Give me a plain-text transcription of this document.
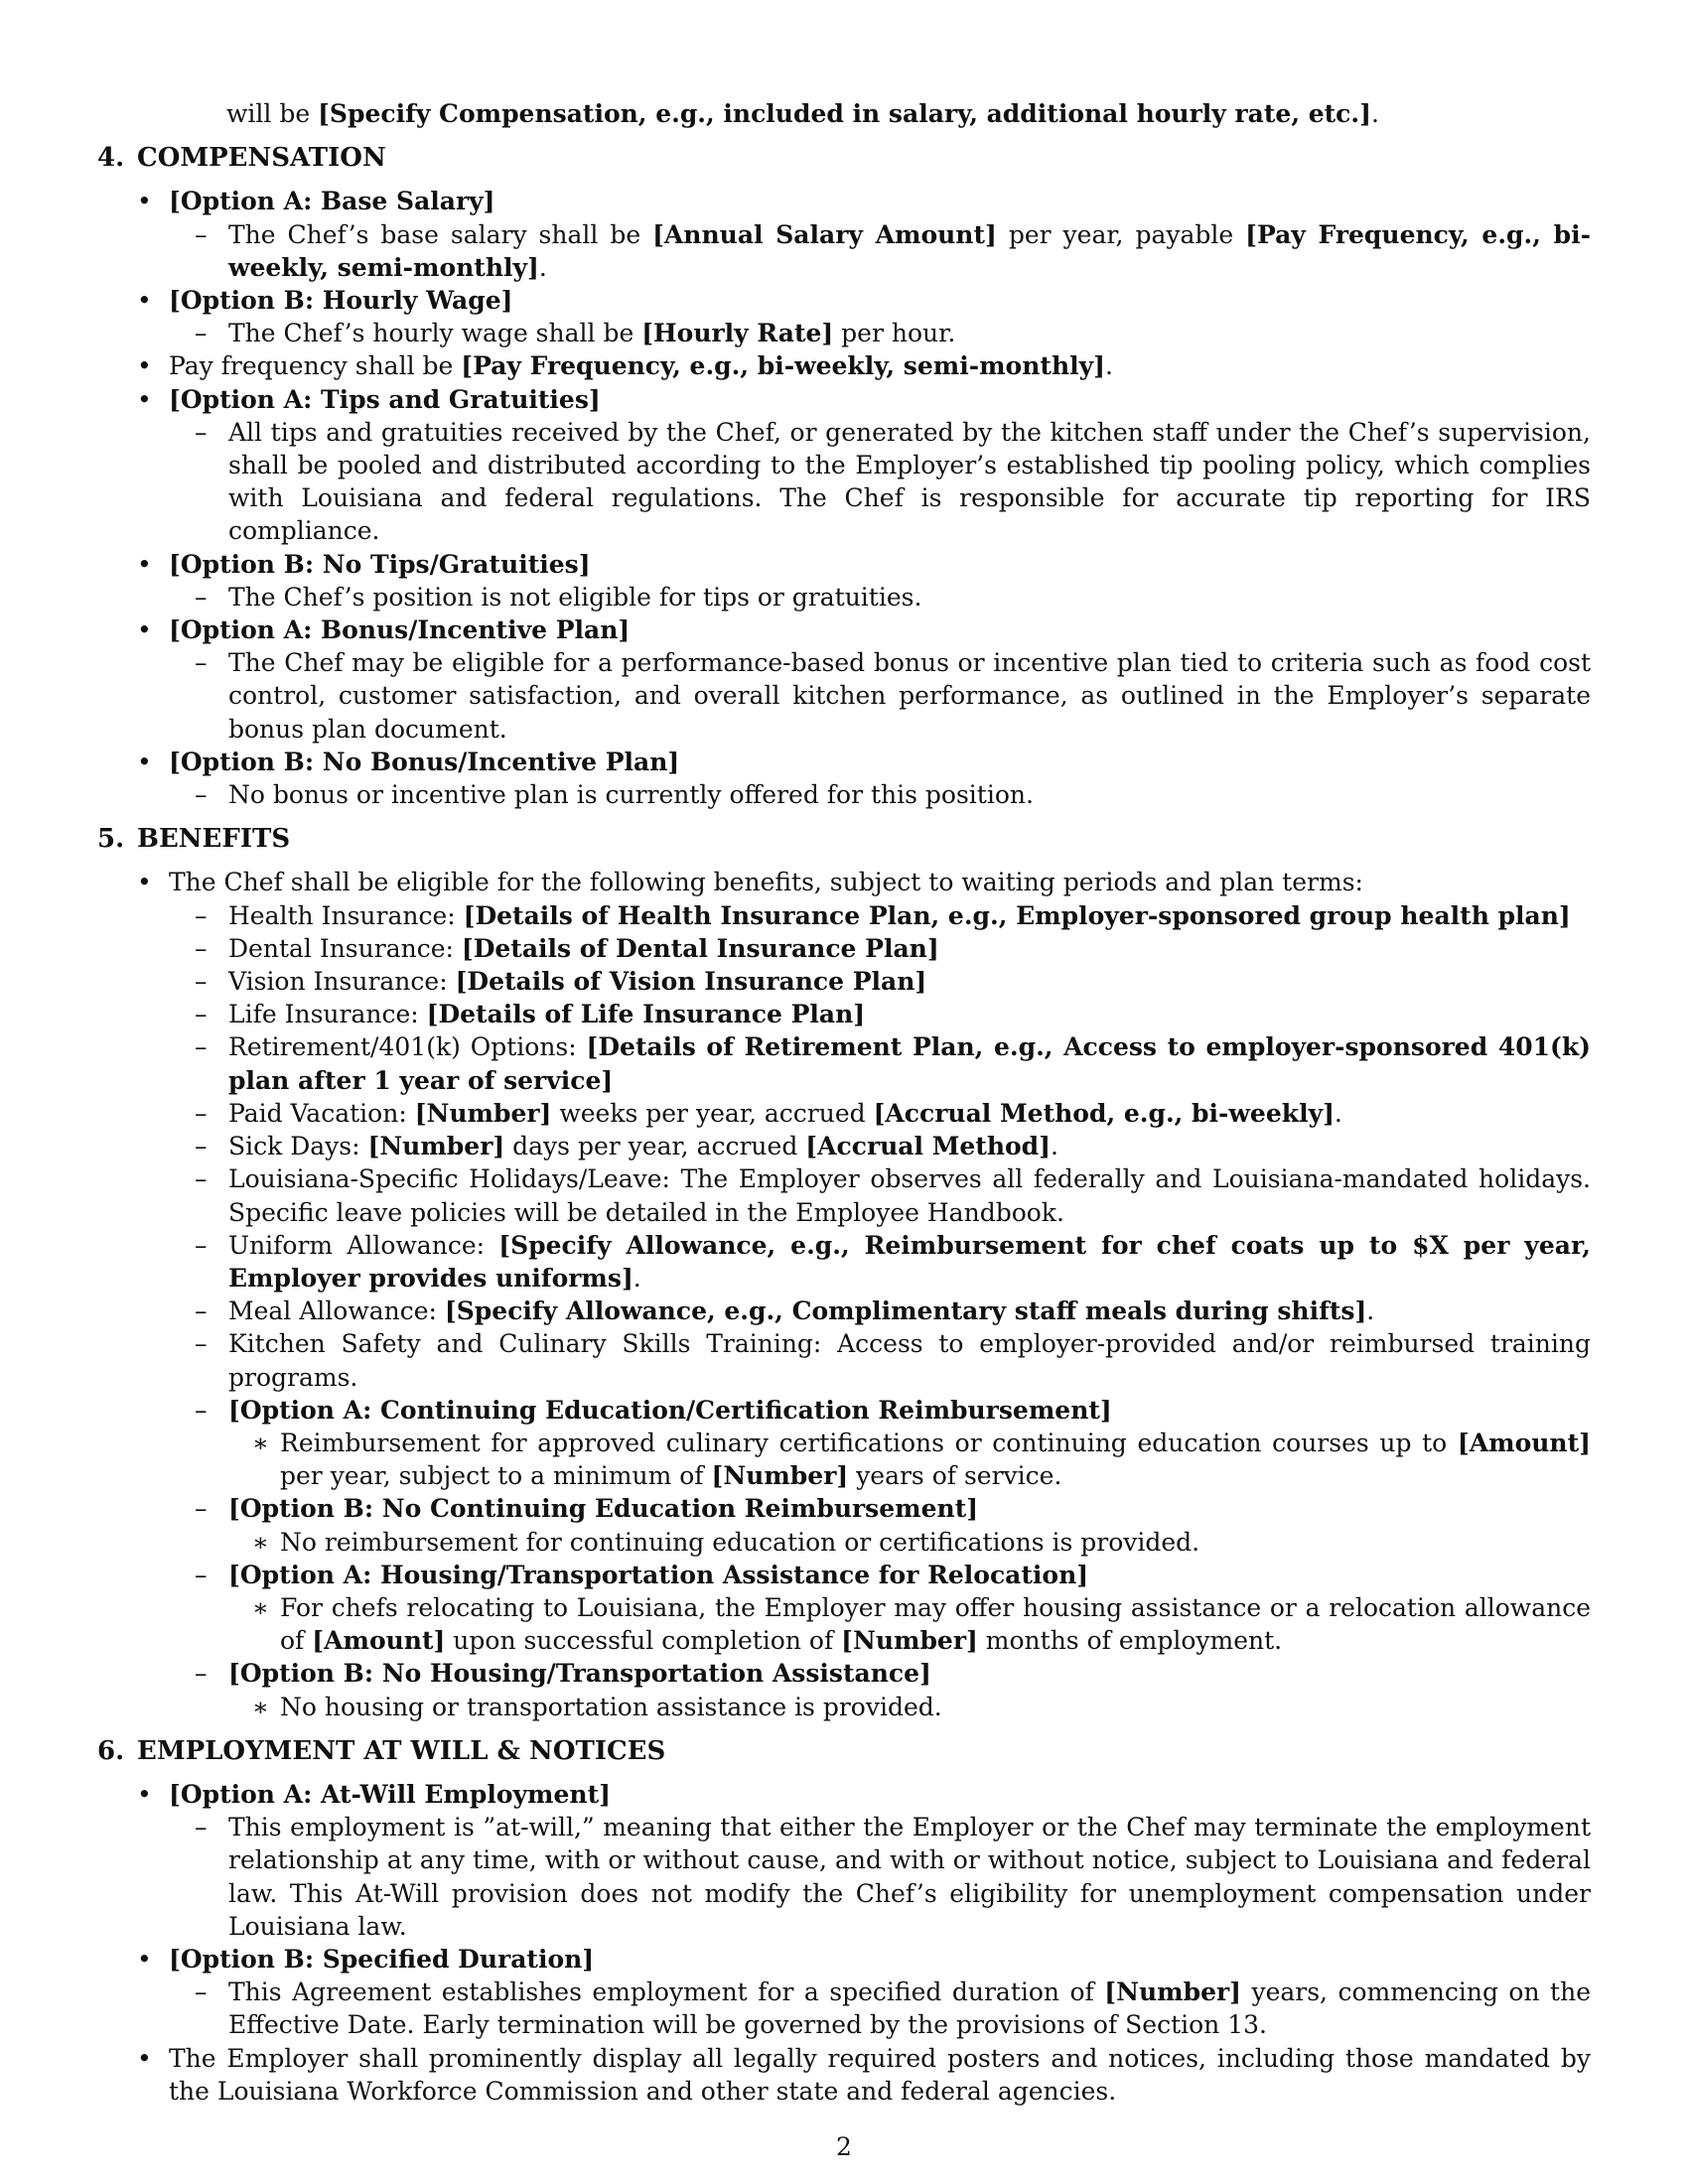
will be [Specify Compensation, e.g., included in salary, additional hourly rate, etc.].

4. COMPENSATION

• [Option A: Base Salary]

– The Chef’s base salary shall be [Annual Salary Amount] per year, payable [Pay Frequency, e.g., bi-weekly, semi-monthly].

• [Option B: Hourly Wage]

– The Chef’s hourly wage shall be [Hourly Rate] per hour.

• Pay frequency shall be [Pay Frequency, e.g., bi-weekly, semi-monthly].

• [Option A: Tips and Gratuities]

– All tips and gratuities received by the Chef, or generated by the kitchen staff under the Chef’s supervision, shall be pooled and distributed according to the Employer’s established tip pooling policy, which complies with Louisiana and federal regulations. The Chef is responsible for accurate tip reporting for IRS compliance.

• [Option B: No Tips/Gratuities]

– The Chef’s position is not eligible for tips or gratuities.

• [Option A: Bonus/Incentive Plan]

– The Chef may be eligible for a performance-based bonus or incentive plan tied to criteria such as food cost control, customer satisfaction, and overall kitchen performance, as outlined in the Employer’s separate bonus plan document.

• [Option B: No Bonus/Incentive Plan]

– No bonus or incentive plan is currently offered for this position.

5. BENEFITS

• The Chef shall be eligible for the following benefits, subject to waiting periods and plan terms:

– Health Insurance: [Details of Health Insurance Plan, e.g., Employer-sponsored group health plan]

– Dental Insurance: [Details of Dental Insurance Plan]

– Vision Insurance: [Details of Vision Insurance Plan]

– Life Insurance: [Details of Life Insurance Plan]

– Retirement/401(k) Options: [Details of Retirement Plan, e.g., Access to employer-sponsored 401(k) plan after 1 year of service]

– Paid Vacation: [Number] weeks per year, accrued [Accrual Method, e.g., bi-weekly].

– Sick Days: [Number] days per year, accrued [Accrual Method].

– Louisiana-Specific Holidays/Leave: The Employer observes all federally and Louisiana-mandated holidays. Specific leave policies will be detailed in the Employee Handbook.

– Uniform Allowance: [Specify Allowance, e.g., Reimbursement for chef coats up to $X per year, Employer provides uniforms].

– Meal Allowance: [Specify Allowance, e.g., Complimentary staff meals during shifts].

– Kitchen Safety and Culinary Skills Training: Access to employer-provided and/or reimbursed training programs.

– [Option A: Continuing Education/Certification Reimbursement]

∗ Reimbursement for approved culinary certifications or continuing education courses up to [Amount] per year, subject to a minimum of [Number] years of service.

– [Option B: No Continuing Education Reimbursement]

∗ No reimbursement for continuing education or certifications is provided.

– [Option A: Housing/Transportation Assistance for Relocation]

∗ For chefs relocating to Louisiana, the Employer may offer housing assistance or a relocation allowance of [Amount] upon successful completion of [Number] months of employment.

– [Option B: No Housing/Transportation Assistance]

∗ No housing or transportation assistance is provided.

6. EMPLOYMENT AT WILL & NOTICES

• [Option A: At-Will Employment]

– This employment is ”at-will,” meaning that either the Employer or the Chef may terminate the employment relationship at any time, with or without cause, and with or without notice, subject to Louisiana and federal law. This At-Will provision does not modify the Chef’s eligibility for unemployment compensation under Louisiana law.

• [Option B: Specified Duration]

– This Agreement establishes employment for a specified duration of [Number] years, commencing on the Effective Date. Early termination will be governed by the provisions of Section 13.

• The Employer shall prominently display all legally required posters and notices, including those mandated by the Louisiana Workforce Commission and other state and federal agencies.

2
